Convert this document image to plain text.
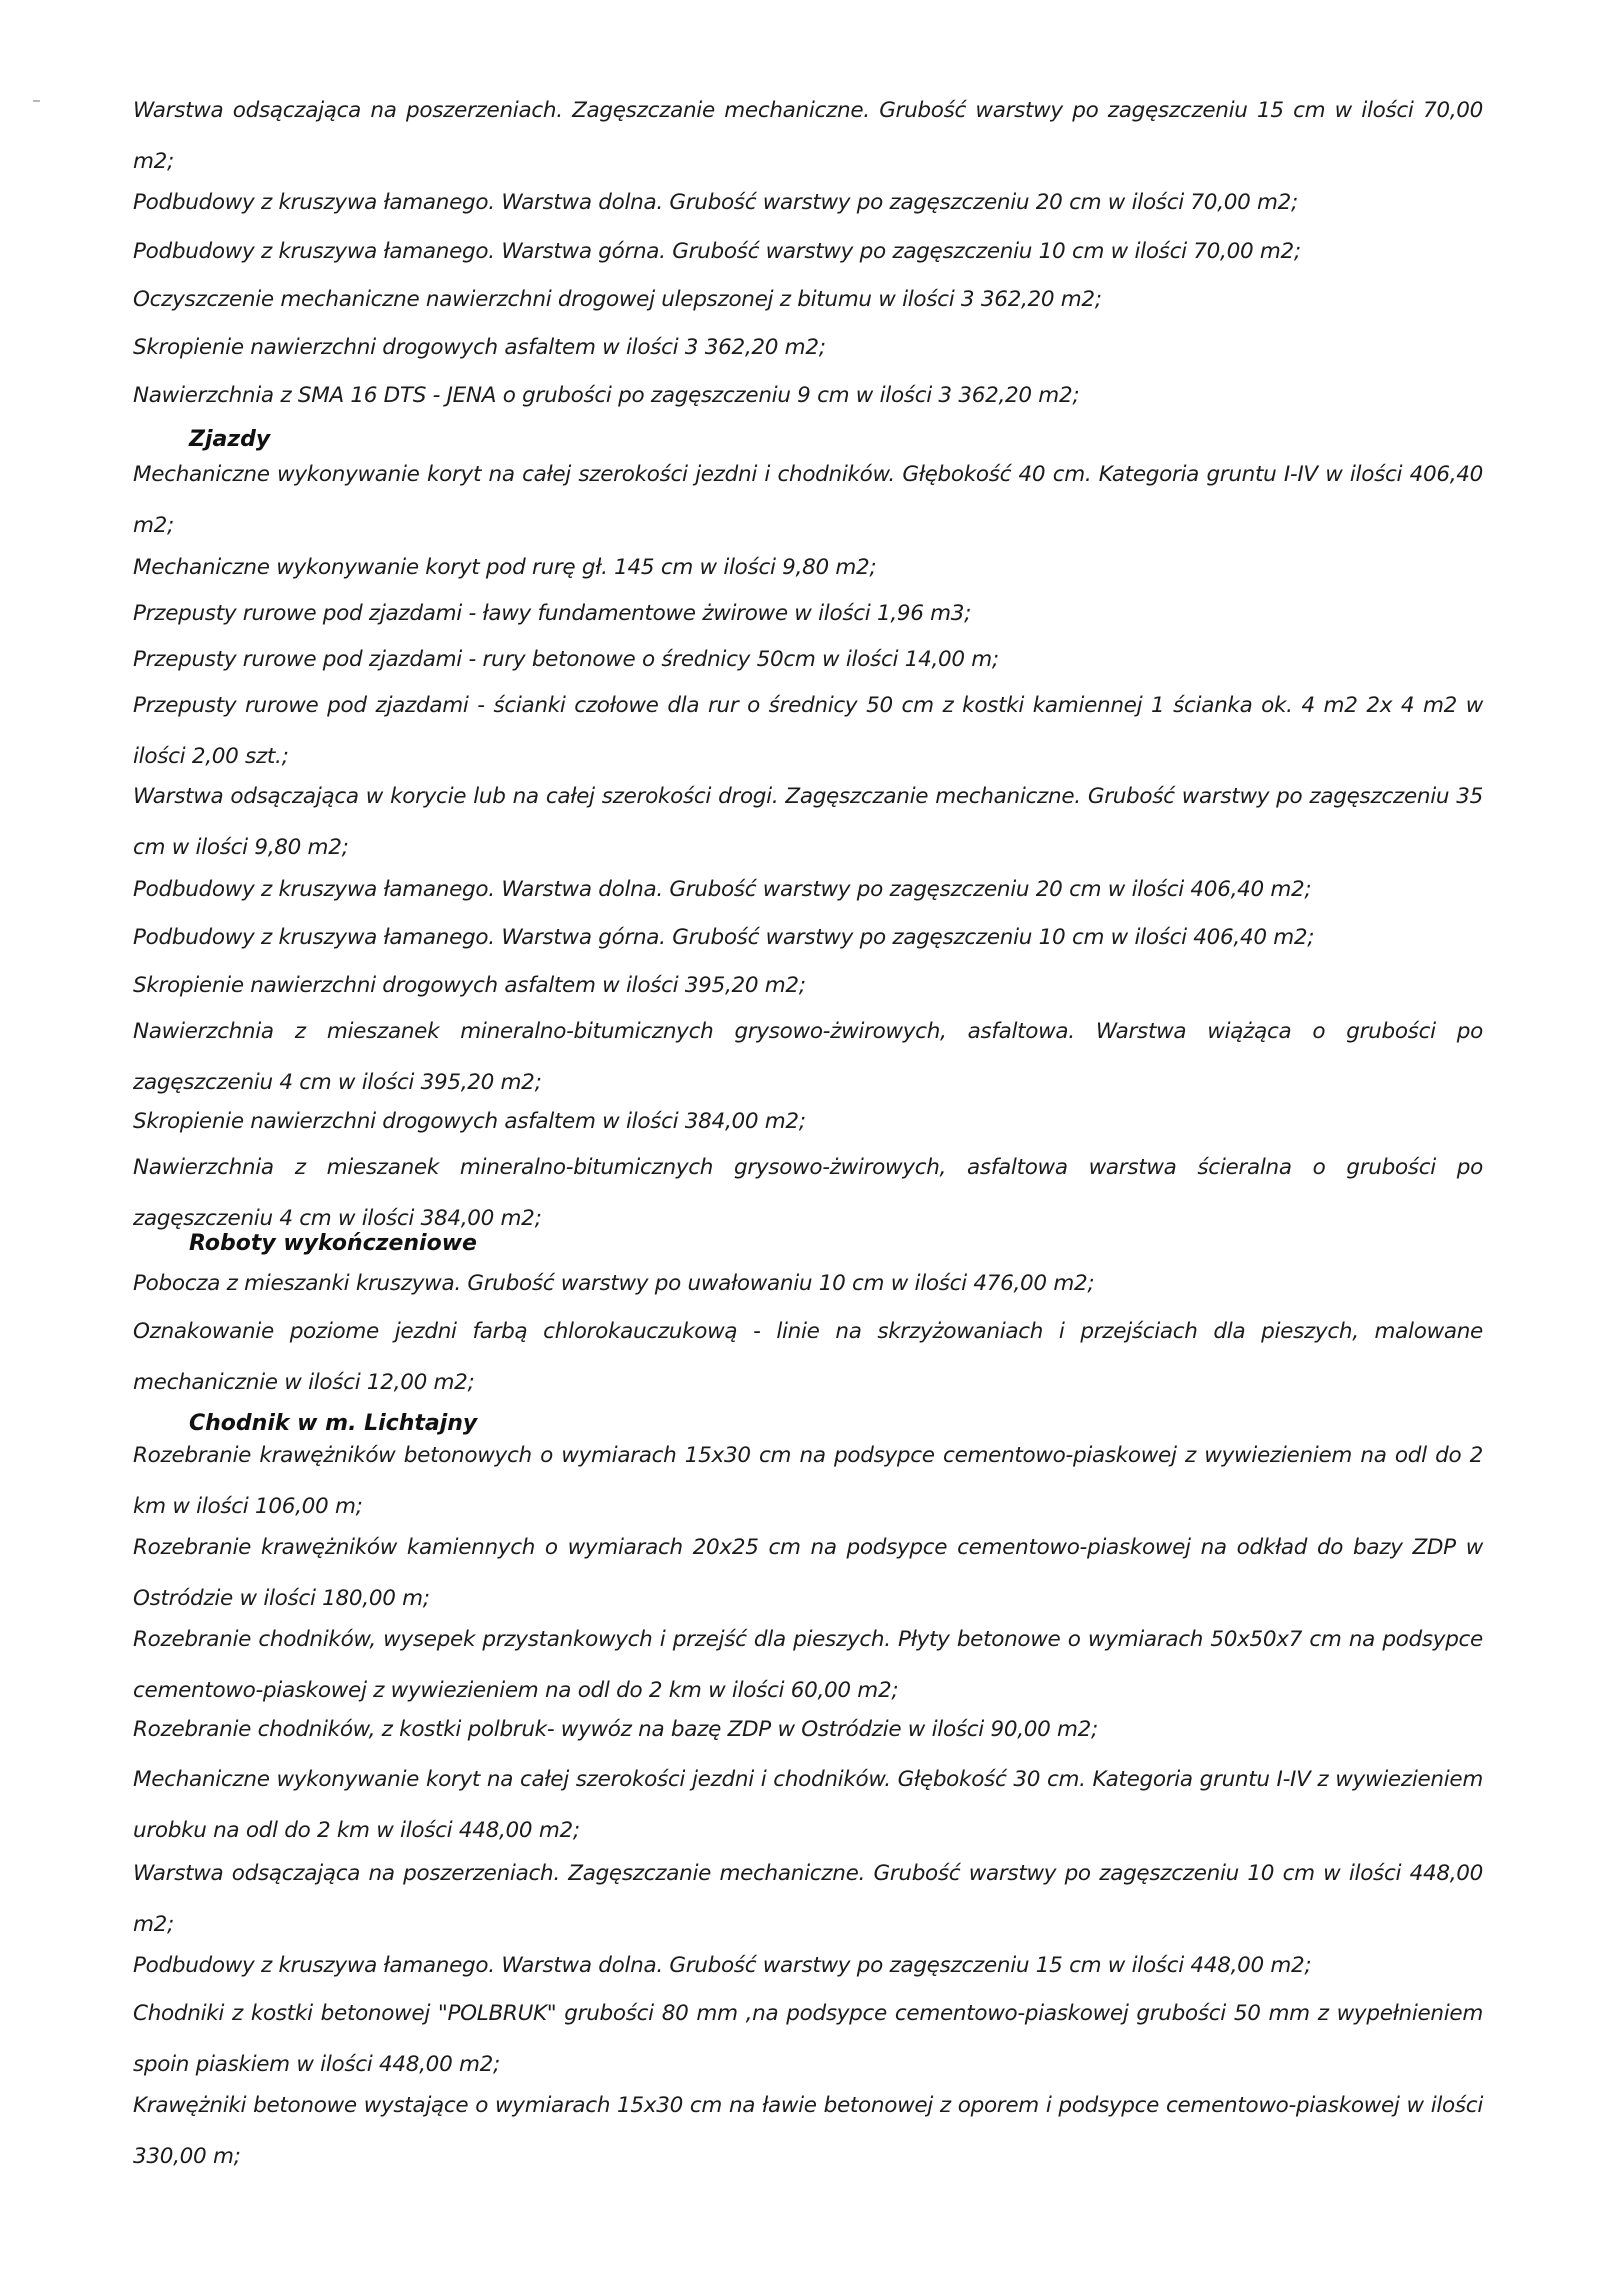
Warstwa odsączająca na poszerzeniach. Zagęszczanie mechaniczne. Grubość warstwy po zagęszczeniu 15 cm w ilości 70,00 m2;

Podbudowy z kruszywa łamanego. Warstwa dolna. Grubość warstwy po zagęszczeniu 20 cm w ilości 70,00 m2;

Podbudowy z kruszywa łamanego. Warstwa górna. Grubość warstwy po zagęszczeniu 10 cm w ilości 70,00 m2;

Oczyszczenie mechaniczne nawierzchni drogowej ulepszonej z bitumu w ilości 3 362,20 m2;

Skropienie nawierzchni drogowych asfaltem w ilości 3 362,20 m2;

Nawierzchnia z SMA 16 DTS - JENA o grubości po zagęszczeniu 9 cm w ilości 3 362,20 m2;

Zjazdy

Mechaniczne wykonywanie koryt na całej szerokości jezdni i chodników. Głębokość 40 cm. Kategoria gruntu I-IV w ilości 406,40 m2;

Mechaniczne wykonywanie koryt pod rurę gł. 145 cm w ilości 9,80 m2;

Przepusty rurowe pod zjazdami - ławy fundamentowe żwirowe w ilości 1,96 m3;

Przepusty rurowe pod zjazdami - rury betonowe o średnicy 50cm w ilości 14,00 m;

Przepusty rurowe pod zjazdami - ścianki czołowe dla rur o średnicy 50 cm z kostki kamiennej 1 ścianka ok. 4 m2 2x 4 m2 w ilości 2,00 szt.;

Warstwa odsączająca w korycie lub na całej szerokości drogi. Zagęszczanie mechaniczne. Grubość warstwy po zagęszczeniu 35 cm w ilości 9,80 m2;

Podbudowy z kruszywa łamanego. Warstwa dolna. Grubość warstwy po zagęszczeniu 20 cm w ilości 406,40 m2;

Podbudowy z kruszywa łamanego. Warstwa górna. Grubość warstwy po zagęszczeniu 10 cm w ilości 406,40 m2;

Skropienie nawierzchni drogowych asfaltem w ilości 395,20 m2;

Nawierzchnia z mieszanek mineralno-bitumicznych grysowo-żwirowych, asfaltowa. Warstwa wiążąca o grubości po zagęszczeniu 4 cm w ilości 395,20 m2;

Skropienie nawierzchni drogowych asfaltem w ilości 384,00 m2;

Nawierzchnia z mieszanek mineralno-bitumicznych grysowo-żwirowych, asfaltowa warstwa ścieralna o grubości po zagęszczeniu 4 cm w ilości 384,00 m2;

Roboty wykończeniowe

Pobocza z mieszanki kruszywa. Grubość warstwy po uwałowaniu 10 cm w ilości 476,00 m2;

Oznakowanie poziome jezdni farbą chlorokauczukową - linie na skrzyżowaniach i przejściach dla pieszych, malowane mechanicznie w ilości 12,00 m2;

Chodnik w m. Lichtajny

Rozebranie krawężników betonowych o wymiarach 15x30 cm na podsypce cementowo-piaskowej z wywiezieniem na odl do 2 km w ilości 106,00 m;

Rozebranie krawężników kamiennych o wymiarach 20x25 cm na podsypce cementowo-piaskowej na odkład do bazy ZDP w Ostródzie w ilości 180,00 m;

Rozebranie chodników, wysepek przystankowych i przejść dla pieszych. Płyty betonowe o wymiarach 50x50x7 cm na podsypce cementowo-piaskowej z wywiezieniem na odl do 2 km w ilości 60,00 m2;

Rozebranie chodników, z kostki polbruk- wywóz na bazę ZDP w Ostródzie w ilości 90,00 m2;

Mechaniczne wykonywanie koryt na całej szerokości jezdni i chodników. Głębokość 30 cm. Kategoria gruntu I-IV z wywiezieniem urobku na odl do 2 km w ilości 448,00 m2;

Warstwa odsączająca na poszerzeniach. Zagęszczanie mechaniczne. Grubość warstwy po zagęszczeniu 10 cm w ilości 448,00 m2;

Podbudowy z kruszywa łamanego. Warstwa dolna. Grubość warstwy po zagęszczeniu 15 cm w ilości 448,00 m2;

Chodniki z kostki betonowej "POLBRUK" grubości 80 mm ,na podsypce cementowo-piaskowej grubości 50 mm z wypełnieniem spoin piaskiem w ilości 448,00 m2;

Krawężniki betonowe wystające o wymiarach 15x30 cm na ławie betonowej z oporem i podsypce cementowo-piaskowej w ilości 330,00 m;
